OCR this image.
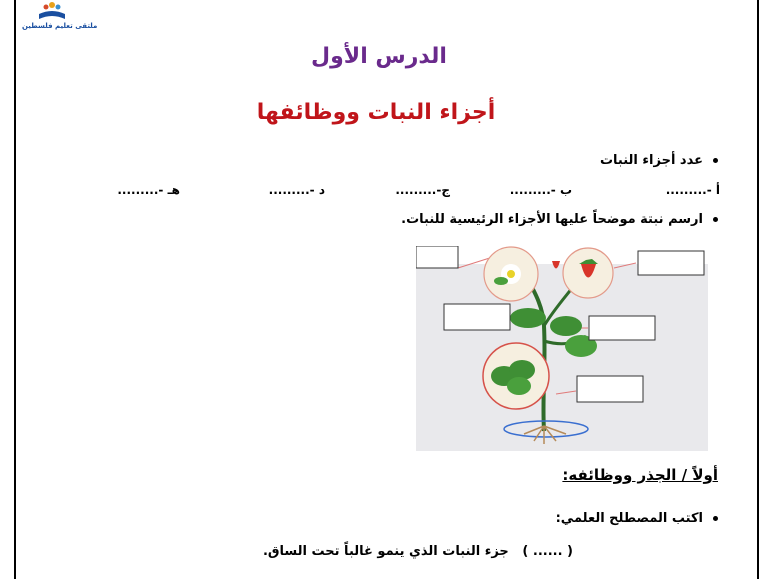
ملتقى تعليم فلسطين
الدرس الأول
أجزاء النبات ووظائفها
عدد أجزاء النبات
أ -.........
ب -.........
ج-.........
د -.........
هـ -.........
ارسم نبتة موضحاً عليها الأجزاء الرئيسية للنبات.
أولاً / الجذر ووظائفه:
اكتب المصطلح العلمي:
( ...... )   جزء النبات الذي ينمو غالباً تحت الساق.
